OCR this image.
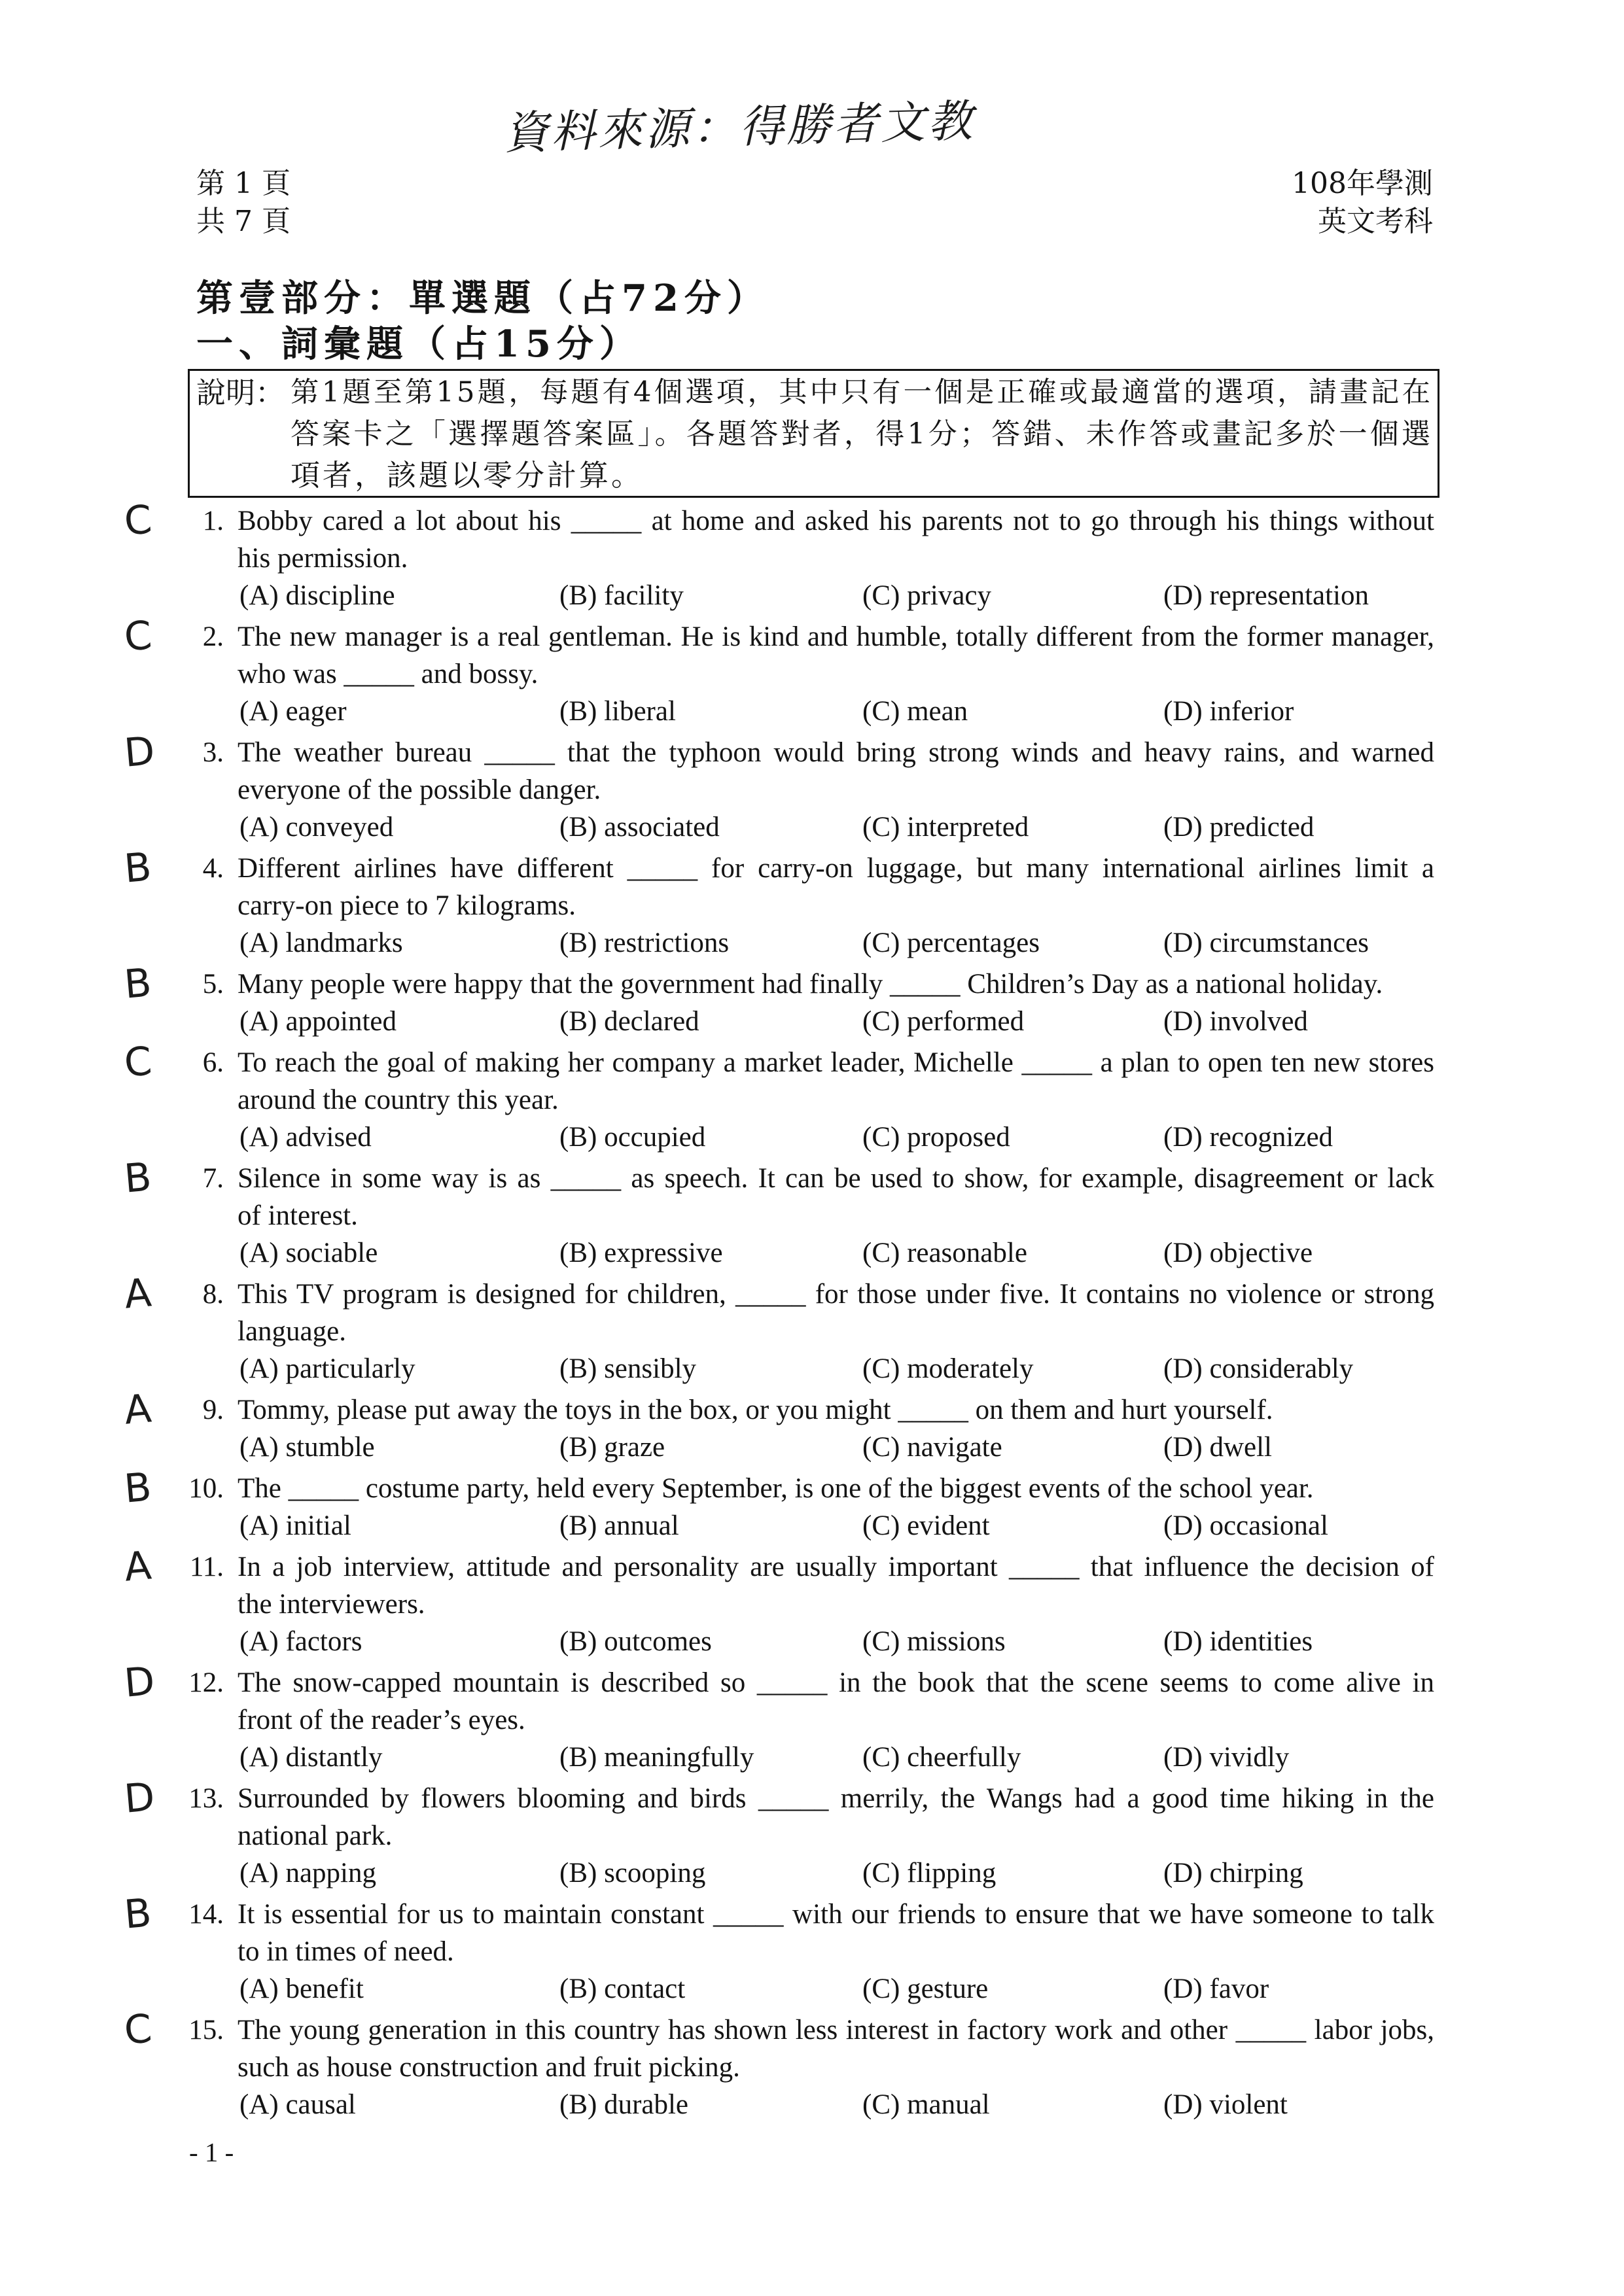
資料來源：得勝者文教
第 1 頁
共 7 頁
108年學測
英文考科
第壹部分：單選題（占72分）
一、詞彙題（占15分）
說明： 第1題至第15題，每題有4個選項，其中只有一個是正確或最適當的選項，請畫記在
答案卡之「選擇題答案區」。各題答對者，得1分；答錯、未作答或畫記多於一個選
項者，該題以零分計算。
C	1. Bobby cared a lot about his _____ at home and asked his parents not to go through his things without
his permission.
(A) discipline	(B) facility	(C) privacy	(D) representation
C	2. The new manager is a real gentleman. He is kind and humble, totally different from the former manager,
who was _____ and bossy.
(A) eager	(B) liberal	(C) mean	(D) inferior
D	3. The weather bureau _____ that the typhoon would bring strong winds and heavy rains, and warned
everyone of the possible danger.
(A) conveyed	(B) associated	(C) interpreted	(D) predicted
B	4. Different airlines have different _____ for carry-on luggage, but many international airlines limit a
carry-on piece to 7 kilograms.
(A) landmarks	(B) restrictions	(C) percentages	(D) circumstances
B	5. Many people were happy that the government had finally _____ Children’s Day as a national holiday.
(A) appointed	(B) declared	(C) performed	(D) involved
C	6. To reach the goal of making her company a market leader, Michelle _____ a plan to open ten new stores
around the country this year.
(A) advised	(B) occupied	(C) proposed	(D) recognized
B	7. Silence in some way is as _____ as speech. It can be used to show, for example, disagreement or lack
of interest.
(A) sociable	(B) expressive	(C) reasonable	(D) objective
A	8. This TV program is designed for children, _____ for those under five. It contains no violence or strong
language.
(A) particularly	(B) sensibly	(C) moderately	(D) considerably
A	9. Tommy, please put away the toys in the box, or you might _____ on them and hurt yourself.
(A) stumble	(B) graze	(C) navigate	(D) dwell
B	10. The _____ costume party, held every September, is one of the biggest events of the school year.
(A) initial	(B) annual	(C) evident	(D) occasional
A	11. In a job interview, attitude and personality are usually important _____ that influence the decision of
the interviewers.
(A) factors	(B) outcomes	(C) missions	(D) identities
D	12. The snow-capped mountain is described so _____ in the book that the scene seems to come alive in
front of the reader’s eyes.
(A) distantly	(B) meaningfully	(C) cheerfully	(D) vividly
D	13. Surrounded by flowers blooming and birds _____ merrily, the Wangs had a good time hiking in the
national park.
(A) napping	(B) scooping	(C) flipping	(D) chirping
B	14. It is essential for us to maintain constant _____ with our friends to ensure that we have someone to talk
to in times of need.
(A) benefit	(B) contact	(C) gesture	(D) favor
C	15. The young generation in this country has shown less interest in factory work and other _____ labor jobs,
such as house construction and fruit picking.
(A) causal	(B) durable	(C) manual	(D) violent
- 1 -
